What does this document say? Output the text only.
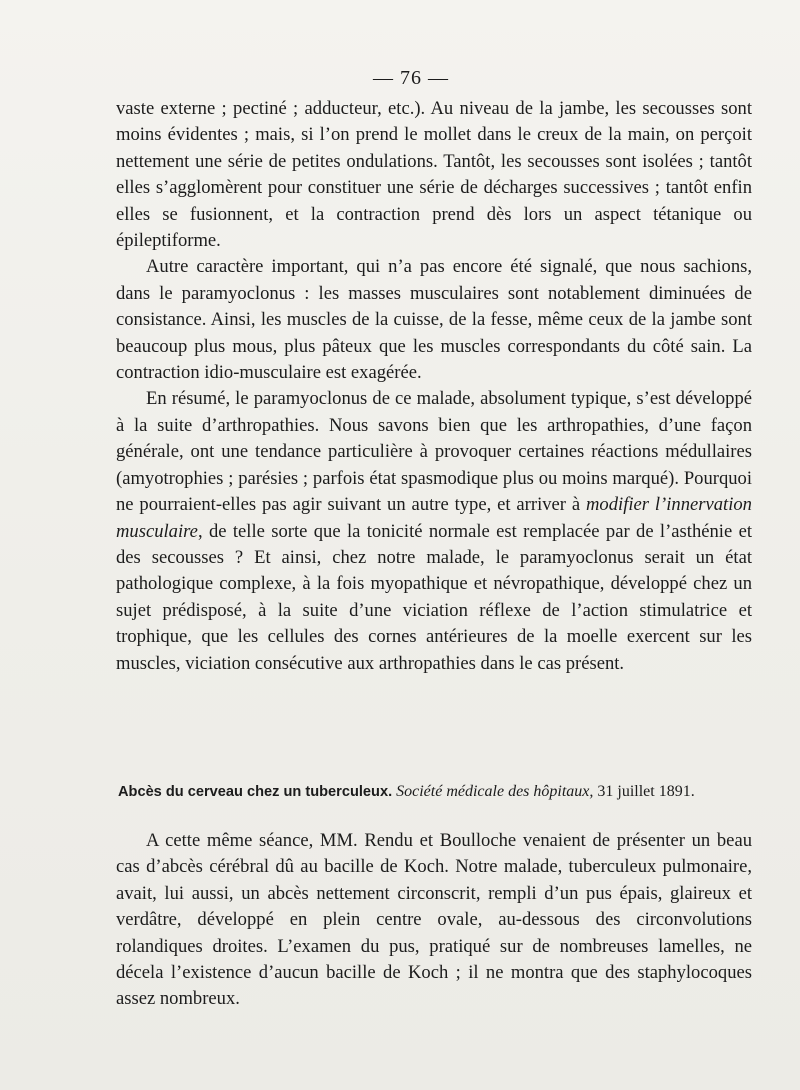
— 76 —

vaste externe ; pectiné ; adducteur, etc.). Au niveau de la jambe, les secousses sont moins évidentes ; mais, si l’on prend le mollet dans le creux de la main, on perçoit nettement une série de petites ondulations. Tantôt, les secousses sont isolées ; tantôt elles s’agglomèrent pour constituer une série de décharges successives ; tantôt enfin elles se fusionnent, et la contraction prend dès lors un aspect tétanique ou épileptiforme.

Autre caractère important, qui n’a pas encore été signalé, que nous sachions, dans le paramyoclonus : les masses musculaires sont notablement diminuées de consistance. Ainsi, les muscles de la cuisse, de la fesse, même ceux de la jambe sont beaucoup plus mous, plus pâteux que les muscles correspondants du côté sain. La contraction idio-musculaire est exagérée.

En résumé, le paramyoclonus de ce malade, absolument typique, s’est développé à la suite d’arthropathies. Nous savons bien que les arthropathies, d’une façon générale, ont une tendance particulière à provoquer certaines réactions médullaires (amyotrophies ; parésies ; parfois état spasmodique plus ou moins marqué). Pourquoi ne pourraient-elles pas agir suivant un autre type, et arriver à modifier l’innervation musculaire, de telle sorte que la tonicité normale est remplacée par de l’asthénie et des secousses ? Et ainsi, chez notre malade, le paramyoclonus serait un état pathologique complexe, à la fois myopathique et névropathique, développé chez un sujet prédisposé, à la suite d’une viciation réflexe de l’action stimulatrice et trophique, que les cellules des cornes antérieures de la moelle exercent sur les muscles, viciation consécutive aux arthropathies dans le cas présent.

Abcès du cerveau chez un tuberculeux. Société médicale des hôpitaux, 31 juillet 1891.

A cette même séance, MM. Rendu et Boulloche venaient de présenter un beau cas d’abcès cérébral dû au bacille de Koch. Notre malade, tuberculeux pulmonaire, avait, lui aussi, un abcès nettement circonscrit, rempli d’un pus épais, glaireux et verdâtre, développé en plein centre ovale, au-dessous des circonvolutions rolandiques droites. L’examen du pus, pratiqué sur de nombreuses lamelles, ne décela l’existence d’aucun bacille de Koch ; il ne montra que des staphylocoques assez nombreux.
